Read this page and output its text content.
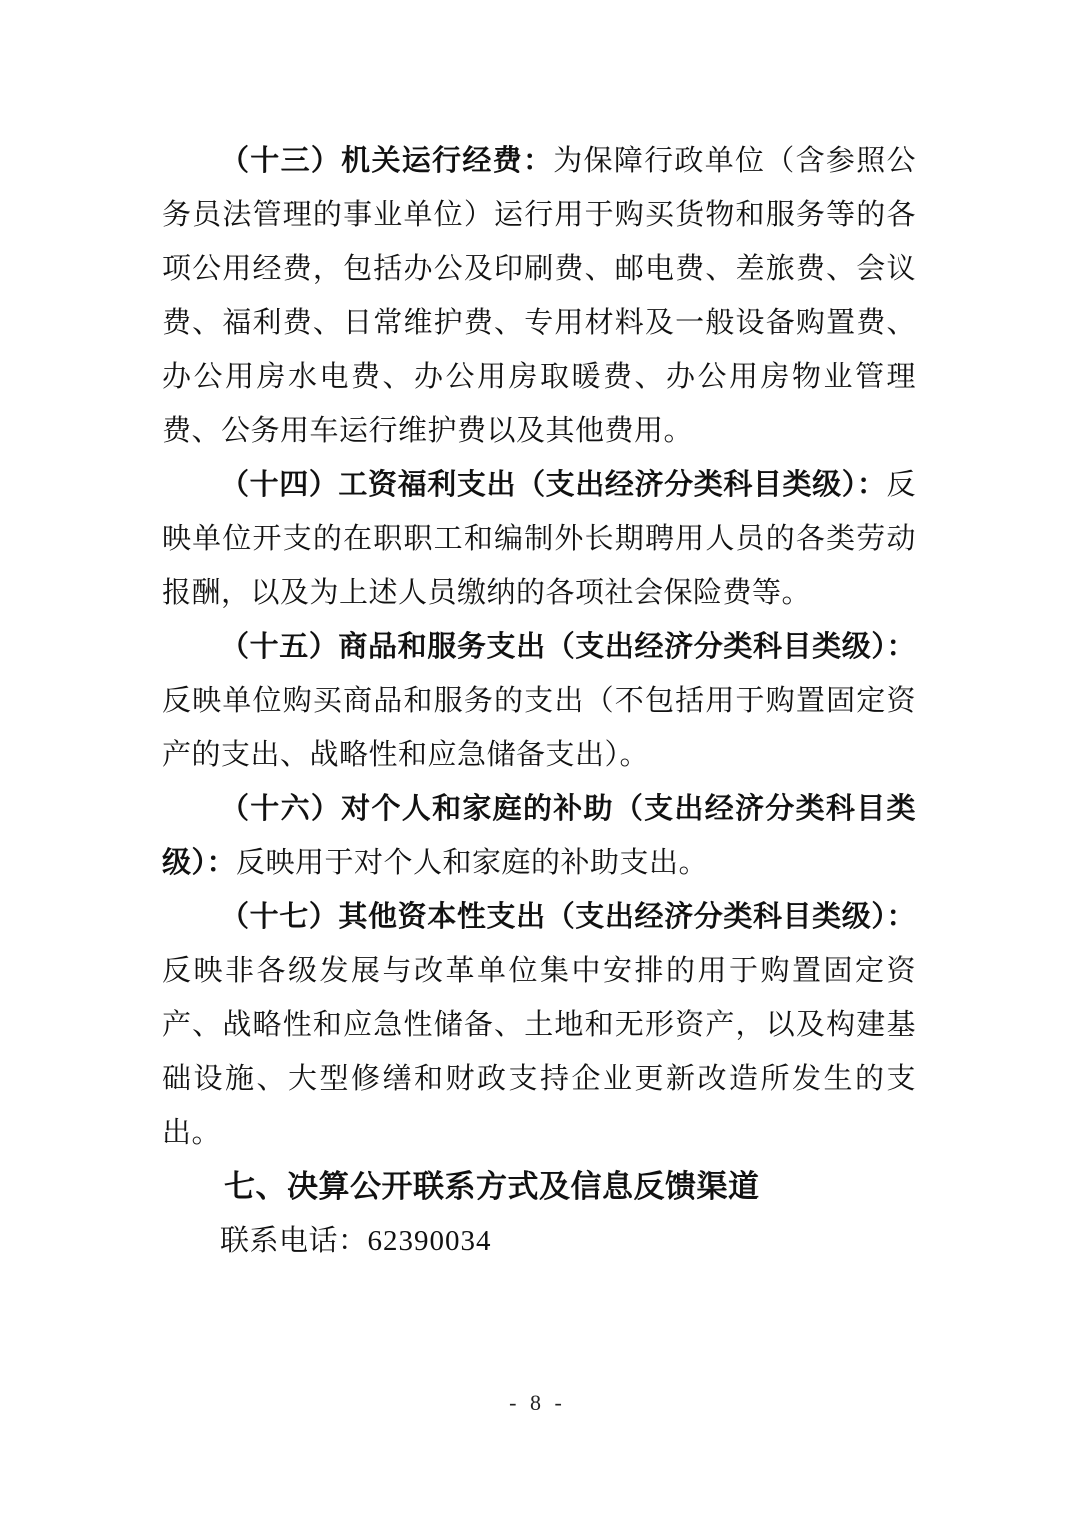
（十三）机关运行经费：为保障行政单位（含参照公务员法管理的事业单位）运行用于购买货物和服务等的各项公用经费，包括办公及印刷费、邮电费、差旅费、会议费、福利费、日常维护费、专用材料及一般设备购置费、办公用房水电费、办公用房取暖费、办公用房物业管理费、公务用车运行维护费以及其他费用。

（十四）工资福利支出（支出经济分类科目类级）：反映单位开支的在职职工和编制外长期聘用人员的各类劳动报酬，以及为上述人员缴纳的各项社会保险费等。

（十五）商品和服务支出（支出经济分类科目类级）：反映单位购买商品和服务的支出（不包括用于购置固定资产的支出、战略性和应急储备支出）。

（十六）对个人和家庭的补助（支出经济分类科目类级）：反映用于对个人和家庭的补助支出。

（十七）其他资本性支出（支出经济分类科目类级）：反映非各级发展与改革单位集中安排的用于购置固定资产、战略性和应急性储备、土地和无形资产，以及构建基础设施、大型修缮和财政支持企业更新改造所发生的支出。

七、决算公开联系方式及信息反馈渠道

联系电话：62390034

- 8 -
